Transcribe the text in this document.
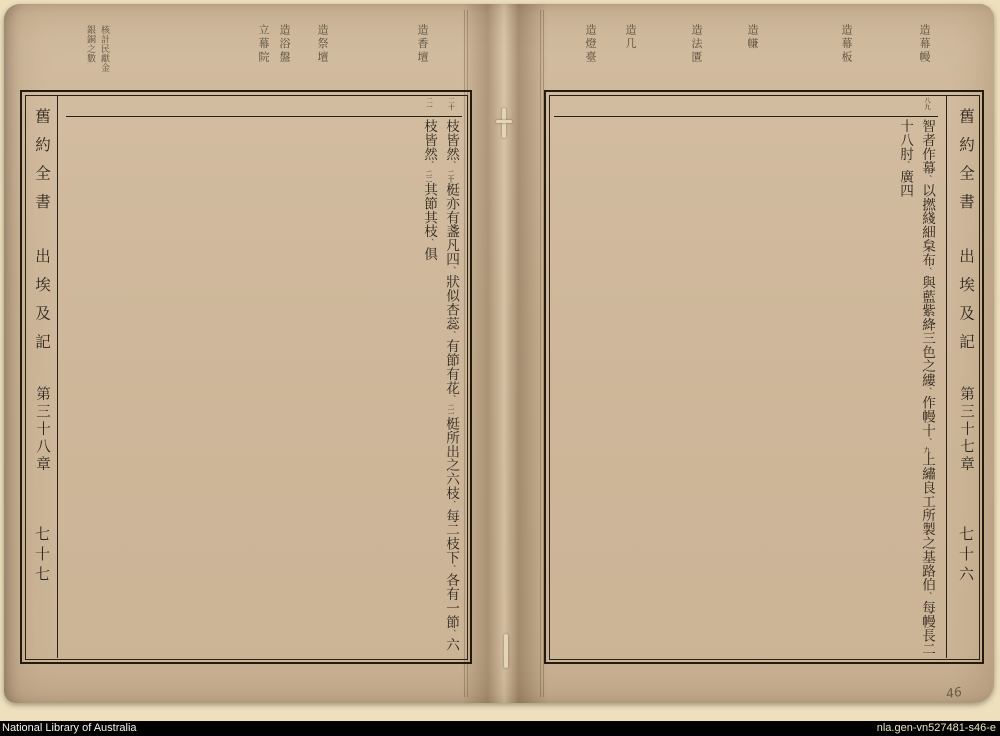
造幕幔
造幕板
造㡘
造法匱
造几
造燈臺
造香壇
造祭壇
造浴盤
立幕院
核計民獻金
銀銅之數
舊約全書出埃及記第三十八章七十七
二十二一
枝皆然、二十梃亦有盞凡四、狀似杏蕊、有節有花、二一梃所出之六枝、每二枝下、各有一節、六枝皆然、二二其節其枝、俱
舊約全書出埃及記第三十七章七十六
八九
智者作幕、以撚綫細枲布、與藍紫絳三色之縷、作幔十、九上繡良工所製之基路伯、每幔長二十八肘、廣四
46
National Library of Australia	nla.gen-vn527481-s46-e
